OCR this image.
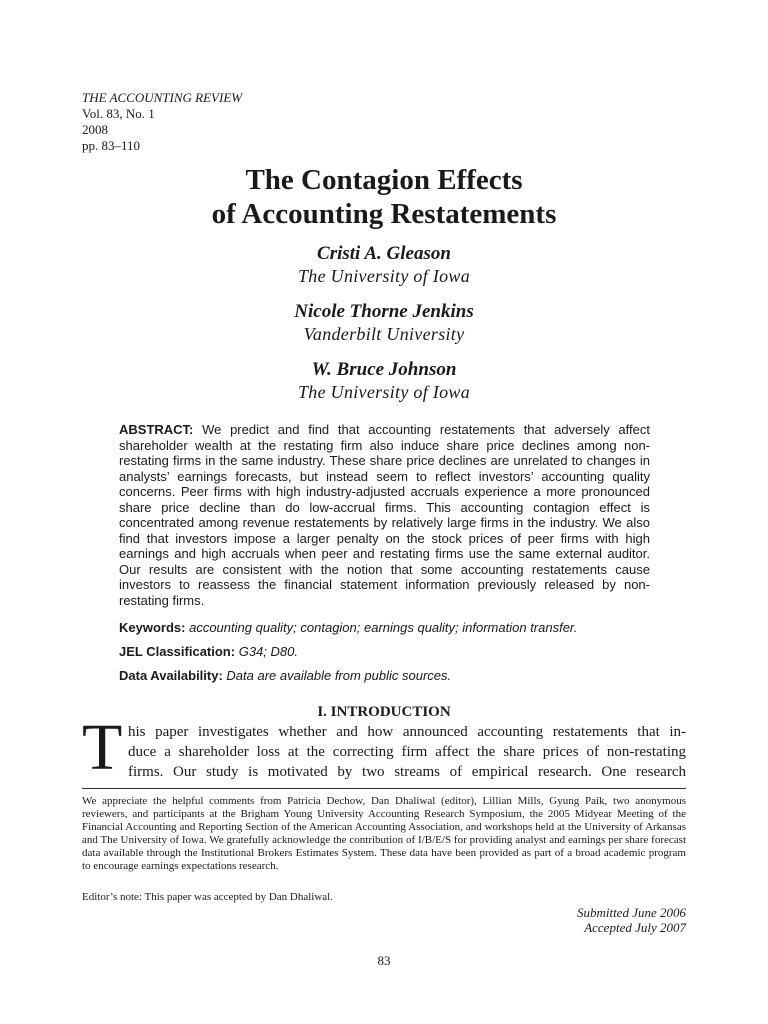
THE ACCOUNTING REVIEW
Vol. 83, No. 1
2008
pp. 83–110
The Contagion Effects
of Accounting Restatements
Cristi A. Gleason
The University of Iowa
Nicole Thorne Jenkins
Vanderbilt University
W. Bruce Johnson
The University of Iowa
ABSTRACT: We predict and find that accounting restatements that adversely affect shareholder wealth at the restating firm also induce share price declines among non-restating firms in the same industry. These share price declines are unrelated to changes in analysts’ earnings forecasts, but instead seem to reflect investors’ accounting quality concerns. Peer firms with high industry-adjusted accruals experience a more pronounced share price decline than do low-accrual firms. This accounting contagion effect is concentrated among revenue restatements by relatively large firms in the industry. We also find that investors impose a larger penalty on the stock prices of peer firms with high earnings and high accruals when peer and restating firms use the same external auditor. Our results are consistent with the notion that some accounting restatements cause investors to reassess the financial statement information previously released by non-restating firms.
Keywords: accounting quality; contagion; earnings quality; information transfer.
JEL Classification: G34; D80.
Data Availability: Data are available from public sources.
I. INTRODUCTION
T his paper investigates whether and how announced accounting restatements that in-
duce a shareholder loss at the correcting firm affect the share prices of non-restating
firms. Our study is motivated by two streams of empirical research. One research
We appreciate the helpful comments from Patricia Dechow, Dan Dhaliwal (editor), Lillian Mills, Gyung Paik, two anonymous reviewers, and participants at the Brigham Young University Accounting Research Symposium, the 2005 Midyear Meeting of the Financial Accounting and Reporting Section of the American Accounting Association, and workshops held at the University of Arkansas and The University of Iowa. We gratefully acknowledge the contribution of I/B/E/S for providing analyst and earnings per share forecast data available through the Institutional Brokers Estimates System. These data have been provided as part of a broad academic program to encourage earnings expectations research.
Editor’s note: This paper was accepted by Dan Dhaliwal.
Submitted June 2006
Accepted July 2007
83
